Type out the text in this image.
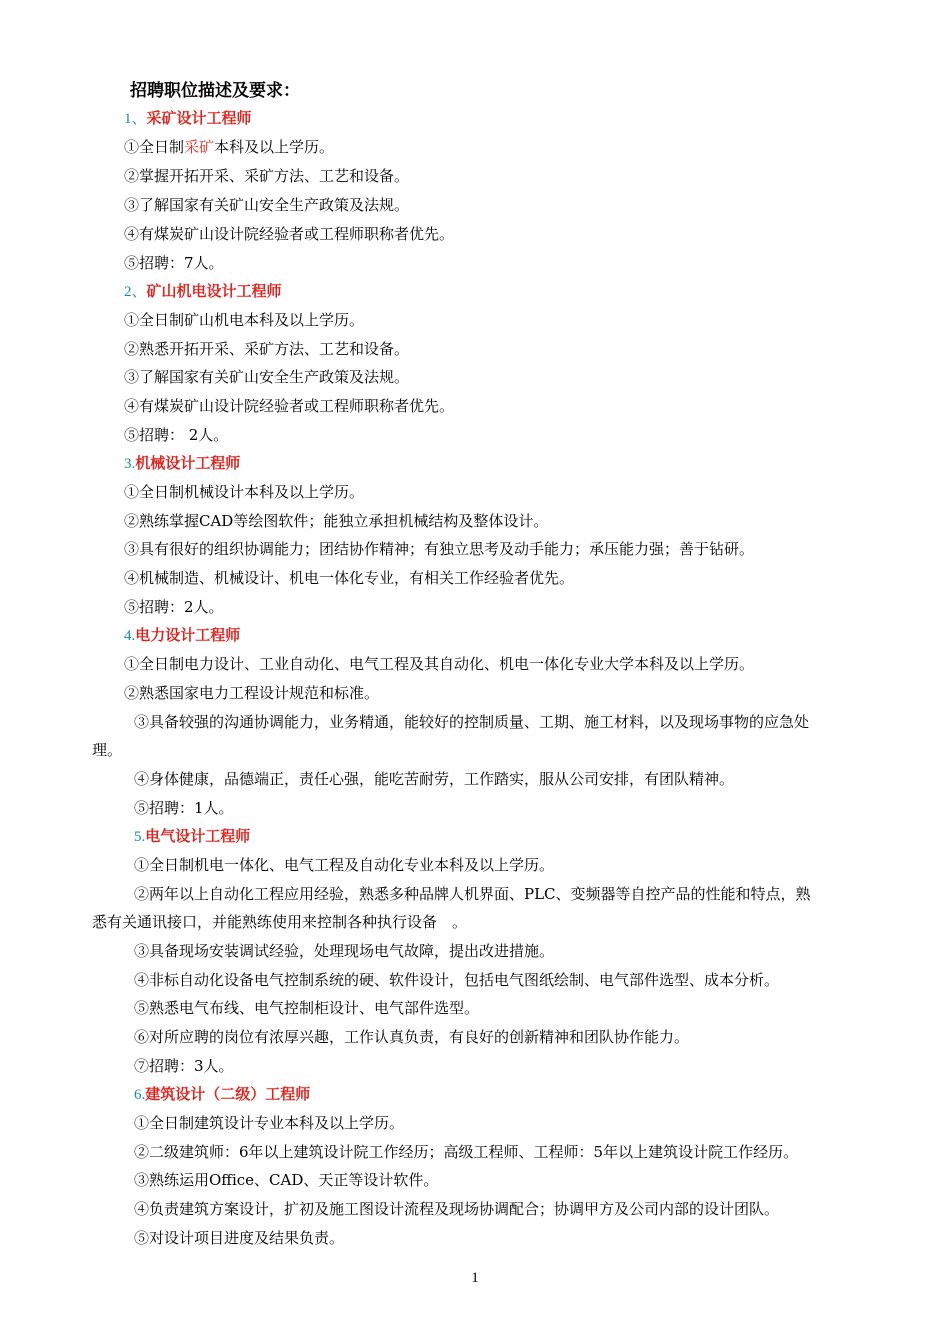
招聘职位描述及要求：
1、采矿设计工程师
①全日制采矿本科及以上学历。
②掌握开拓开采、采矿方法、工艺和设备。
③了解国家有关矿山安全生产政策及法规。
④有煤炭矿山设计院经验者或工程师职称者优先。
⑤招聘：7人。
2、矿山机电设计工程师
①全日制矿山机电本科及以上学历。
②熟悉开拓开采、采矿方法、工艺和设备。
③了解国家有关矿山安全生产政策及法规。
④有煤炭矿山设计院经验者或工程师职称者优先。
⑤招聘： 2人。
3.机械设计工程师
①全日制机械设计本科及以上学历。
②熟练掌握CAD等绘图软件；能独立承担机械结构及整体设计。
③具有很好的组织协调能力；团结协作精神；有独立思考及动手能力；承压能力强；善于钻研。
④机械制造、机械设计、机电一体化专业，有相关工作经验者优先。
⑤招聘：2人。
4.电力设计工程师
①全日制电力设计、工业自动化、电气工程及其自动化、机电一体化专业大学本科及以上学历。
②熟悉国家电力工程设计规范和标准。
③具备较强的沟通协调能力，业务精通，能较好的控制质量、工期、施工材料，以及现场事物的应急处
理。
④身体健康，品德端正，责任心强，能吃苦耐劳，工作踏实，服从公司安排，有团队精神。
⑤招聘：1人。
5.电气设计工程师
①全日制机电一体化、电气工程及自动化专业本科及以上学历。
②两年以上自动化工程应用经验，熟悉多种品牌人机界面、PLC、变频器等自控产品的性能和特点，熟
悉有关通讯接口，并能熟练使用来控制各种执行设备　。
③具备现场安装调试经验，处理现场电气故障，提出改进措施。
④非标自动化设备电气控制系统的硬、软件设计，包括电气图纸绘制、电气部件选型、成本分析。
⑤熟悉电气布线、电气控制柜设计、电气部件选型。
⑥对所应聘的岗位有浓厚兴趣，工作认真负责，有良好的创新精神和团队协作能力。
⑦招聘：3人。
6.建筑设计（二级）工程师
①全日制建筑设计专业本科及以上学历。
②二级建筑师：6年以上建筑设计院工作经历；高级工程师、工程师：5年以上建筑设计院工作经历。
③熟练运用Office、CAD、天正等设计软件。
④负责建筑方案设计，扩初及施工图设计流程及现场协调配合；协调甲方及公司内部的设计团队。
⑤对设计项目进度及结果负责。
1
